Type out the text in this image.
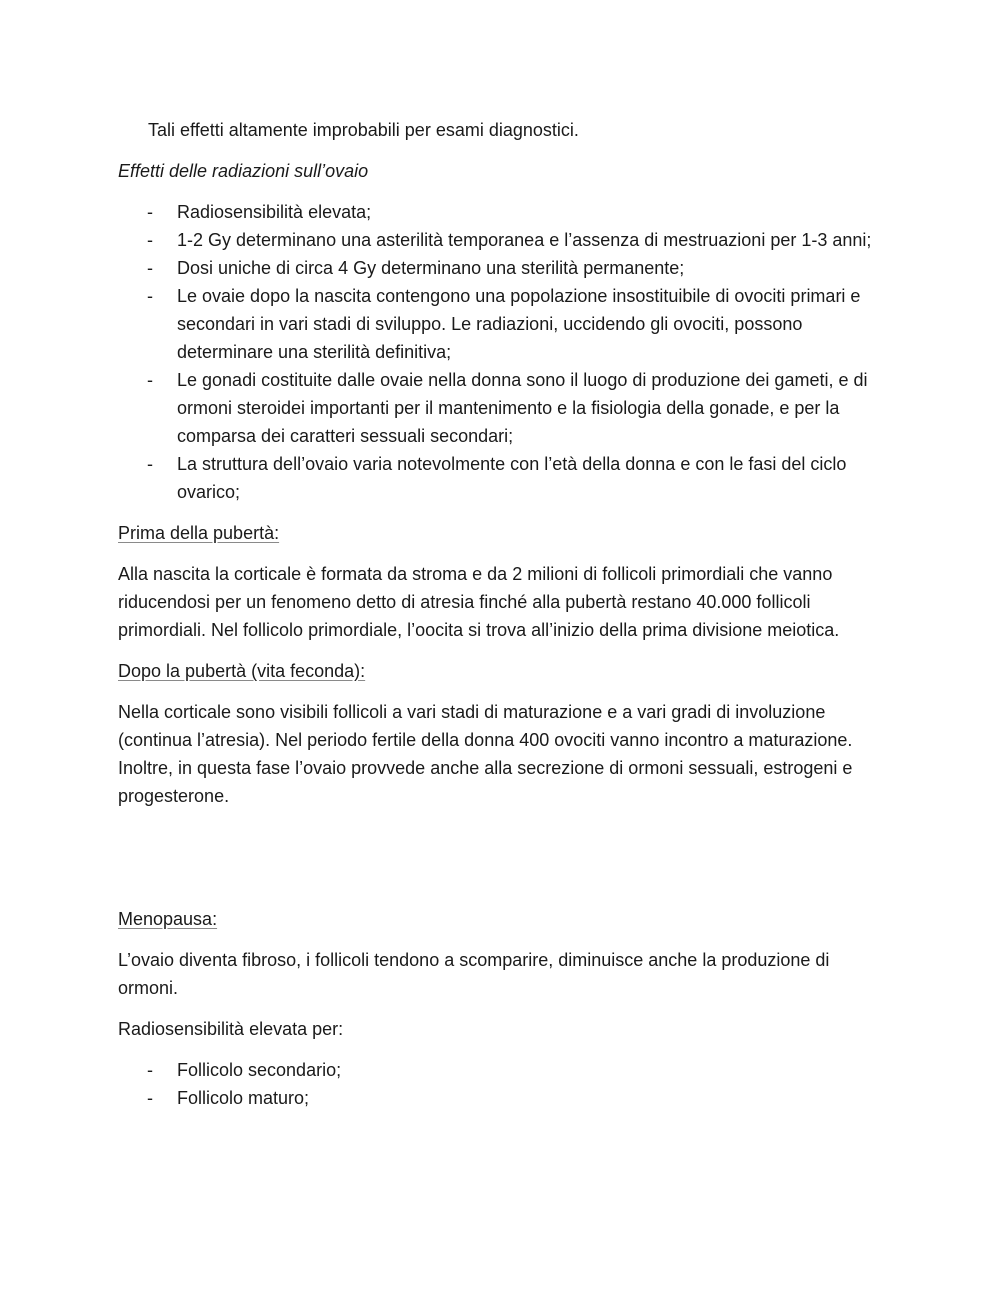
Tali effetti altamente improbabili per esami diagnostici.

Effetti delle radiazioni sull’ovaio

- Radiosensibilità elevata;
- 1-2 Gy determinano una asterilità temporanea e l’assenza di mestruazioni per 1-3 anni;
- Dosi uniche di circa 4 Gy determinano una sterilità permanente;
- Le ovaie dopo la nascita contengono una popolazione insostituibile di ovociti primari e secondari in vari stadi di sviluppo. Le radiazioni, uccidendo gli ovociti, possono determinare una sterilità definitiva;
- Le gonadi costituite dalle ovaie nella donna sono il luogo di produzione dei gameti, e di ormoni steroidei importanti per il mantenimento e la fisiologia della gonade, e per la comparsa dei caratteri sessuali secondari;
- La struttura dell’ovaio varia notevolmente con l’età della donna e con le fasi del ciclo ovarico;

Prima della pubertà:

Alla nascita la corticale è formata da stroma e da 2 milioni di follicoli primordiali che vanno riducendosi per un fenomeno detto di atresia finché alla pubertà restano 40.000 follicoli primordiali. Nel follicolo primordiale, l’oocita si trova all’inizio della prima divisione meiotica.

Dopo la pubertà (vita feconda):

Nella corticale sono visibili follicoli a vari stadi di maturazione e a vari gradi di involuzione (continua l’atresia). Nel periodo fertile della donna 400 ovociti vanno incontro a maturazione. Inoltre, in questa fase l’ovaio provvede anche alla secrezione di ormoni sessuali, estrogeni e progesterone.

Menopausa:

L’ovaio diventa fibroso, i follicoli tendono a scomparire, diminuisce anche la produzione di ormoni.

Radiosensibilità elevata per:

- Follicolo secondario;
- Follicolo maturo;
